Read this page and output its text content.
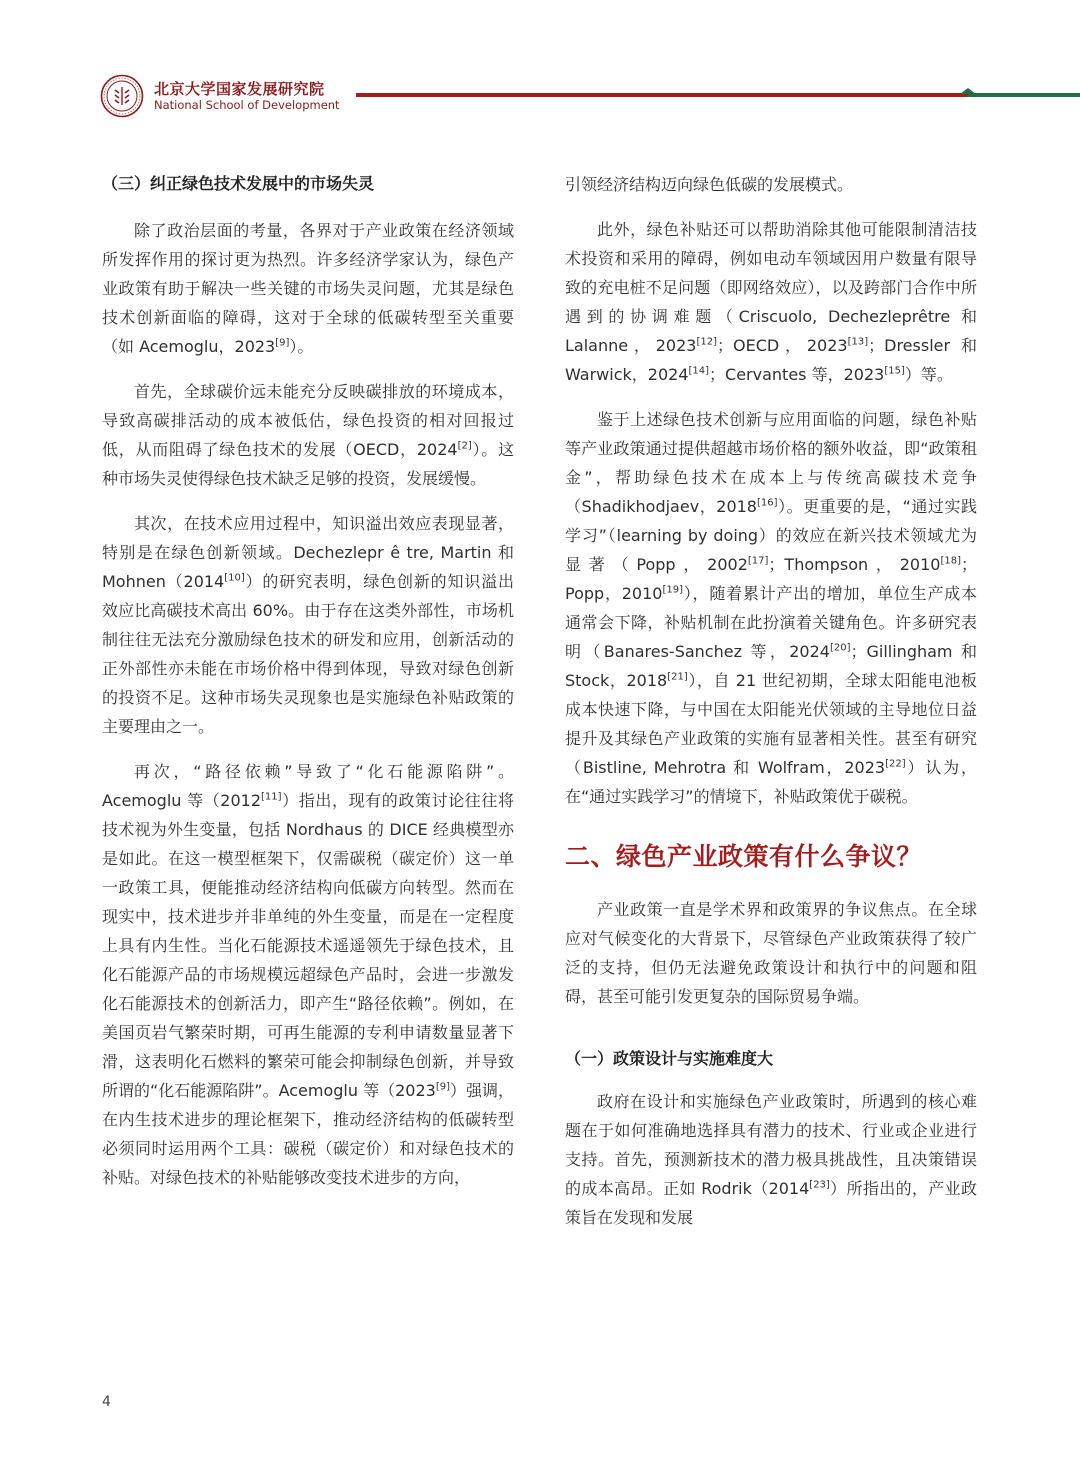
北京大学国家发展研究院
National School of Development

（三）纠正绿色技术发展中的市场失灵

除了政治层面的考量，各界对于产业政策在经济领域所发挥作用的探讨更为热烈。许多经济学家认为，绿色产业政策有助于解决一些关键的市场失灵问题，尤其是绿色技术创新面临的障碍，这对于全球的低碳转型至关重要（如 Acemoglu，2023[9]）。

首先，全球碳价远未能充分反映碳排放的环境成本，导致高碳排活动的成本被低估，绿色投资的相对回报过低，从而阻碍了绿色技术的发展（OECD，2024[2]）。这种市场失灵使得绿色技术缺乏足够的投资，发展缓慢。

其次，在技术应用过程中，知识溢出效应表现显著，特别是在绿色创新领域。Dechezlepr ê tre, Martin 和 Mohnen（2014[10]）的研究表明，绿色创新的知识溢出效应比高碳技术高出 60%。由于存在这类外部性，市场机制往往无法充分激励绿色技术的研发和应用，创新活动的正外部性亦未能在市场价格中得到体现，导致对绿色创新的投资不足。这种市场失灵现象也是实施绿色补贴政策的主要理由之一。

再次，“路径依赖”导致了“化石能源陷阱”。Acemoglu 等（2012[11]）指出，现有的政策讨论往往将技术视为外生变量，包括 Nordhaus 的 DICE 经典模型亦是如此。在这一模型框架下，仅需碳税（碳定价）这一单一政策工具，便能推动经济结构向低碳方向转型。然而在现实中，技术进步并非单纯的外生变量，而是在一定程度上具有内生性。当化石能源技术遥遥领先于绿色技术，且化石能源产品的市场规模远超绿色产品时，会进一步激发化石能源技术的创新活力，即产生“路径依赖”。例如，在美国页岩气繁荣时期，可再生能源的专利申请数量显著下滑，这表明化石燃料的繁荣可能会抑制绿色创新，并导致所谓的“化石能源陷阱”。Acemoglu 等（2023[9]）强调，在内生技术进步的理论框架下，推动经济结构的低碳转型必须同时运用两个工具：碳税（碳定价）和对绿色技术的补贴。对绿色技术的补贴能够改变技术进步的方向，

引领经济结构迈向绿色低碳的发展模式。

此外，绿色补贴还可以帮助消除其他可能限制清洁技术投资和采用的障碍，例如电动车领域因用户数量有限导致的充电桩不足问题（即网络效应），以及跨部门合作中所遇到的协调难题（Criscuolo, Dechezleprêtre 和 Lalanne，2023[12]；OECD，2023[13]；Dressler 和 Warwick，2024[14]；Cervantes 等，2023[15]）等。

鉴于上述绿色技术创新与应用面临的问题，绿色补贴等产业政策通过提供超越市场价格的额外收益，即“政策租金”，帮助绿色技术在成本上与传统高碳技术竞争（Shadikhodjaev，2018[16]）。更重要的是，“通过实践学习”（learning by doing）的效应在新兴技术领域尤为显著（Popp，2002[17]；Thompson，2010[18]；Popp，2010[19]），随着累计产出的增加，单位生产成本通常会下降，补贴机制在此扮演着关键角色。许多研究表明（Banares-Sanchez 等，2024[20]；Gillingham 和 Stock，2018[21]），自 21 世纪初期，全球太阳能电池板成本快速下降，与中国在太阳能光伏领域的主导地位日益提升及其绿色产业政策的实施有显著相关性。甚至有研究（Bistline, Mehrotra 和 Wolfram，2023[22]）认为，在“通过实践学习”的情境下，补贴政策优于碳税。

二、绿色产业政策有什么争议？

产业政策一直是学术界和政策界的争议焦点。在全球应对气候变化的大背景下，尽管绿色产业政策获得了较广泛的支持，但仍无法避免政策设计和执行中的问题和阻碍，甚至可能引发更复杂的国际贸易争端。

（一）政策设计与实施难度大

政府在设计和实施绿色产业政策时，所遇到的核心难题在于如何准确地选择具有潜力的技术、行业或企业进行支持。首先，预测新技术的潜力极具挑战性，且决策错误的成本高昂。正如 Rodrik（2014[23]）所指出的，产业政策旨在发现和发展

4
